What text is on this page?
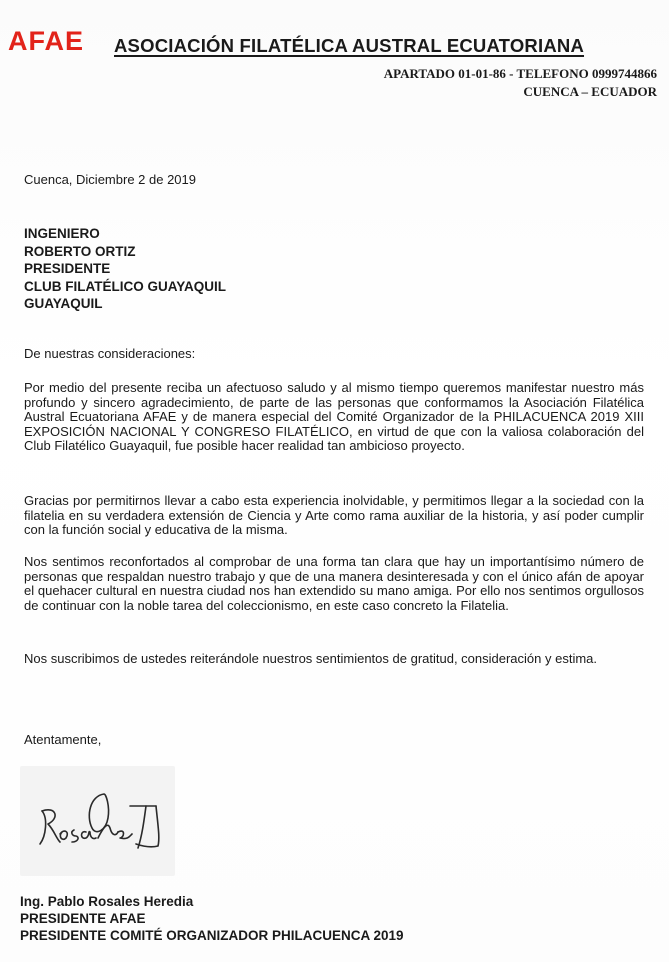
AFAE ASOCIACIÓN FILATÉLICA AUSTRAL ECUATORIANA
APARTADO 01-01-86 - TELEFONO 0999744866
CUENCA – ECUADOR
Cuenca, Diciembre 2 de 2019
INGENIERO
ROBERTO ORTIZ
PRESIDENTE
CLUB FILATÉLICO GUAYAQUIL
GUAYAQUIL
De nuestras consideraciones:
Por medio del presente reciba un afectuoso saludo y al mismo tiempo queremos manifestar nuestro más profundo y sincero agradecimiento, de parte de las personas que conformamos la Asociación Filatélica Austral Ecuatoriana AFAE y de manera especial del Comité Organizador de la PHILACUENCA 2019 XIII EXPOSICIÓN NACIONAL Y CONGRESO FILATÉLICO, en virtud de que con la valiosa colaboración del Club Filatélico Guayaquil, fue posible hacer realidad tan ambicioso proyecto.
Gracias por permitirnos llevar a cabo esta experiencia inolvidable, y permitimos llegar a la sociedad con la filatelia en su verdadera extensión de Ciencia y Arte como rama auxiliar de la historia, y así poder cumplir con la función social y educativa de la misma.
Nos sentimos reconfortados al comprobar de una forma tan clara que hay un importantísimo número de personas que respaldan nuestro trabajo y que de una manera desinteresada y con el único afán de apoyar el quehacer cultural en nuestra ciudad nos han extendido su mano amiga. Por ello nos sentimos orgullosos de continuar con la noble tarea del coleccionismo, en este caso concreto la Filatelia.
Nos suscribimos de ustedes reiterándole nuestros sentimientos de gratitud, consideración y estima.
Atentamente,
Ing. Pablo Rosales Heredia
PRESIDENTE AFAE
PRESIDENTE COMITÉ ORGANIZADOR PHILACUENCA 2019
